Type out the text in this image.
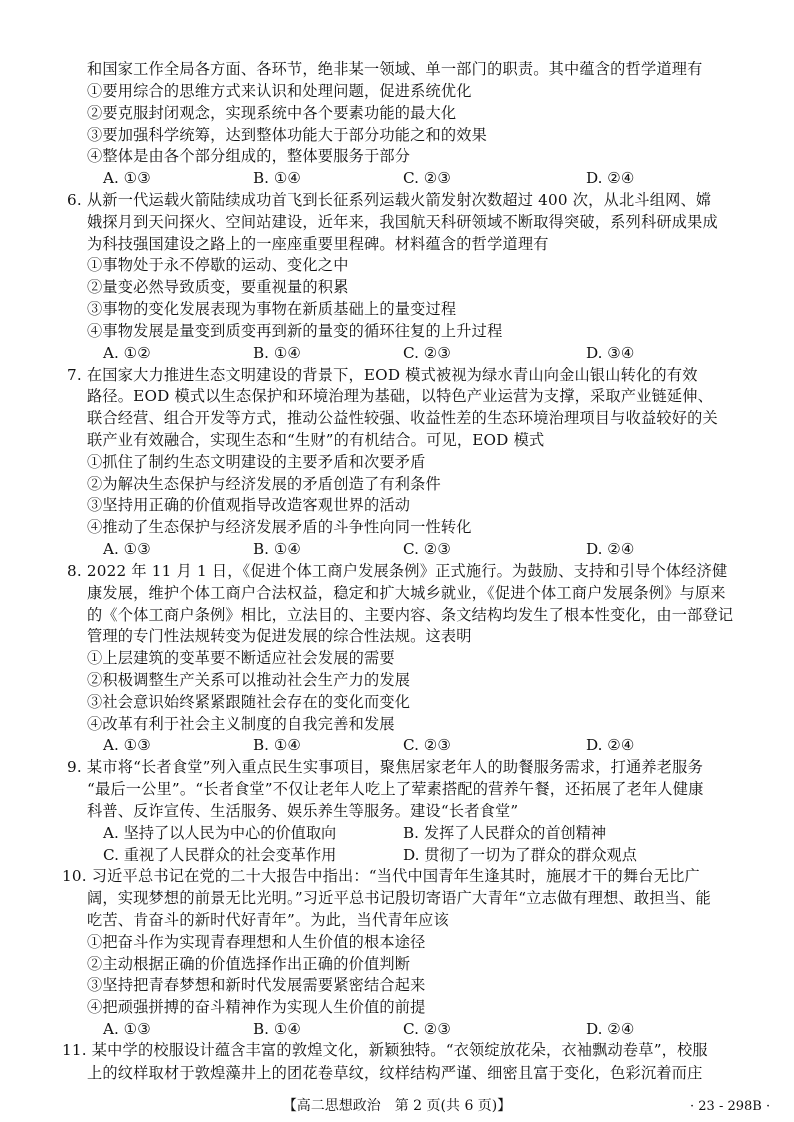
和国家工作全局各方面、各环节，绝非某一领域、单一部门的职责。其中蕴含的哲学道理有
①要用综合的思维方式来认识和处理问题，促进系统优化
②要克服封闭观念，实现系统中各个要素功能的最大化
③要加强科学统筹，达到整体功能大于部分功能之和的效果
④整体是由各个部分组成的，整体要服务于部分
A. ①③	B. ①④	C. ②③	D. ②④
6. 从新一代运载火箭陆续成功首飞到长征系列运载火箭发射次数超过 400 次，从北斗组网、嫦
娥探月到天问探火、空间站建设，近年来，我国航天科研领域不断取得突破，系列科研成果成
为科技强国建设之路上的一座座重要里程碑。材料蕴含的哲学道理有
①事物处于永不停歇的运动、变化之中
②量变必然导致质变，要重视量的积累
③事物的变化发展表现为事物在新质基础上的量变过程
④事物发展是量变到质变再到新的量变的循环往复的上升过程
A. ①②	B. ①④	C. ②③	D. ③④
7. 在国家大力推进生态文明建设的背景下，EOD 模式被视为绿水青山向金山银山转化的有效
路径。EOD 模式以生态保护和环境治理为基础，以特色产业运营为支撑，采取产业链延伸、
联合经营、组合开发等方式，推动公益性较强、收益性差的生态环境治理项目与收益较好的关
联产业有效融合，实现生态和“生财”的有机结合。可见，EOD 模式
①抓住了制约生态文明建设的主要矛盾和次要矛盾
②为解决生态保护与经济发展的矛盾创造了有利条件
③坚持用正确的价值观指导改造客观世界的活动
④推动了生态保护与经济发展矛盾的斗争性向同一性转化
A. ①③	B. ①④	C. ②③	D. ②④
8. 2022 年 11 月 1 日，《促进个体工商户发展条例》正式施行。为鼓励、支持和引导个体经济健
康发展，维护个体工商户合法权益，稳定和扩大城乡就业，《促进个体工商户发展条例》与原来
的《个体工商户条例》相比，立法目的、主要内容、条文结构均发生了根本性变化，由一部登记
管理的专门性法规转变为促进发展的综合性法规。这表明
①上层建筑的变革要不断适应社会发展的需要
②积极调整生产关系可以推动社会生产力的发展
③社会意识始终紧紧跟随社会存在的变化而变化
④改革有利于社会主义制度的自我完善和发展
A. ①③	B. ①④	C. ②③	D. ②④
9. 某市将“长者食堂”列入重点民生实事项目，聚焦居家老年人的助餐服务需求，打通养老服务
“最后一公里”。“长者食堂”不仅让老年人吃上了荤素搭配的营养午餐，还拓展了老年人健康
科普、反诈宣传、生活服务、娱乐养生等服务。建设“长者食堂”
A. 坚持了以人民为中心的价值取向	B. 发挥了人民群众的首创精神
C. 重视了人民群众的社会变革作用	D. 贯彻了一切为了群众的群众观点
10. 习近平总书记在党的二十大报告中指出：“当代中国青年生逢其时，施展才干的舞台无比广
阔，实现梦想的前景无比光明。”习近平总书记殷切寄语广大青年“立志做有理想、敢担当、能
吃苦、肯奋斗的新时代好青年”。为此，当代青年应该
①把奋斗作为实现青春理想和人生价值的根本途径
②主动根据正确的价值选择作出正确的价值判断
③坚持把青春梦想和新时代发展需要紧密结合起来
④把顽强拼搏的奋斗精神作为实现人生价值的前提
A. ①③	B. ①④	C. ②③	D. ②④
11. 某中学的校服设计蕴含丰富的敦煌文化，新颖独特。“衣领绽放花朵，衣袖飘动卷草”，校服
上的纹样取材于敦煌藻井上的团花卷草纹，纹样结构严谨、细密且富于变化，色彩沉着而庄
【高二思想政治　第 2 页(共 6 页)】	· 23 - 298B ·
